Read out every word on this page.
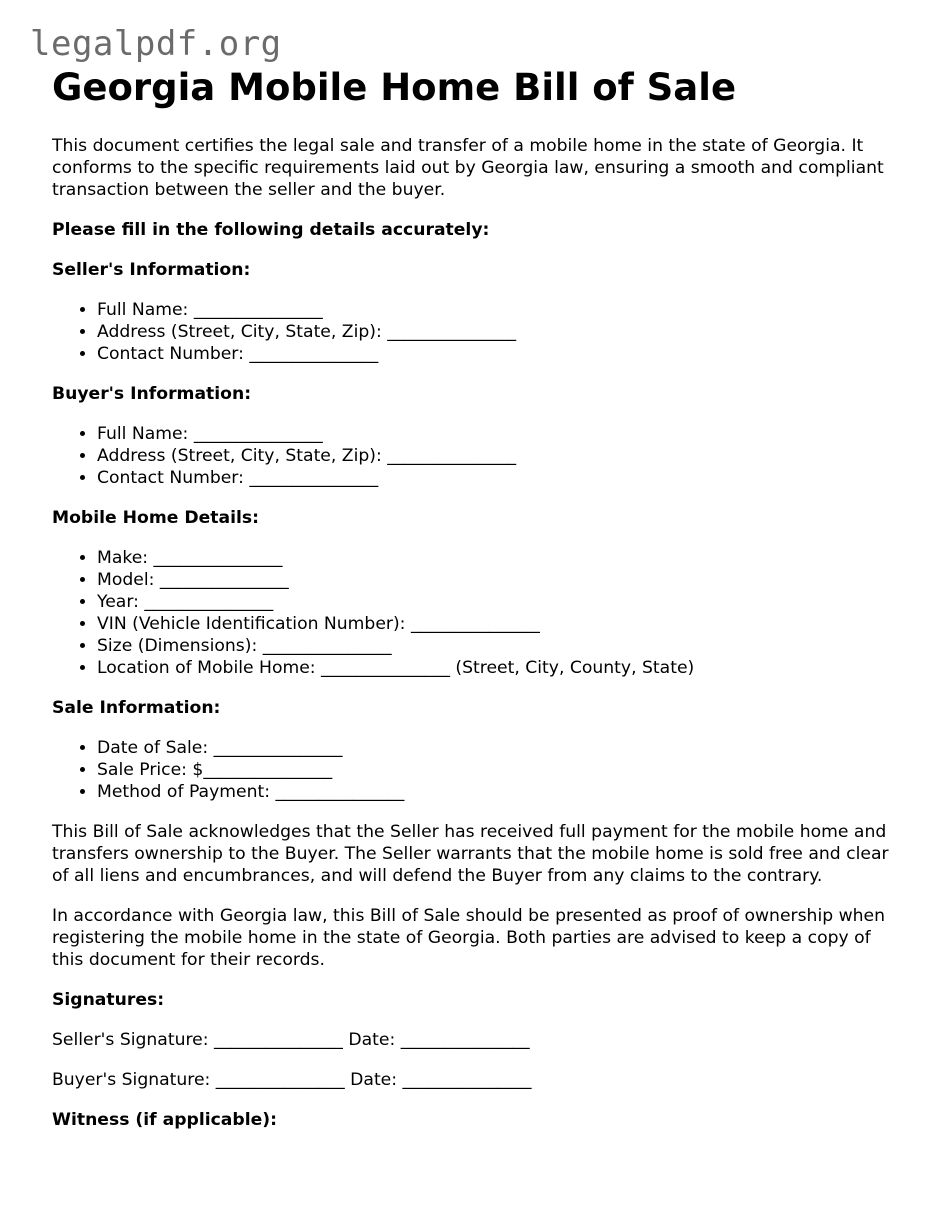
legalpdf.org
Georgia Mobile Home Bill of Sale

This document certifies the legal sale and transfer of a mobile home in the state of Georgia. It conforms to the specific requirements laid out by Georgia law, ensuring a smooth and compliant transaction between the seller and the buyer.

Please fill in the following details accurately:

Seller's Information:

• Full Name: _______________
• Address (Street, City, State, Zip): _______________
• Contact Number: _______________

Buyer's Information:

• Full Name: _______________
• Address (Street, City, State, Zip): _______________
• Contact Number: _______________

Mobile Home Details:

• Make: _______________
• Model: _______________
• Year: _______________
• VIN (Vehicle Identification Number): _______________
• Size (Dimensions): _______________
• Location of Mobile Home: _______________ (Street, City, County, State)

Sale Information:

• Date of Sale: _______________
• Sale Price: $_______________
• Method of Payment: _______________

This Bill of Sale acknowledges that the Seller has received full payment for the mobile home and transfers ownership to the Buyer. The Seller warrants that the mobile home is sold free and clear of all liens and encumbrances, and will defend the Buyer from any claims to the contrary.

In accordance with Georgia law, this Bill of Sale should be presented as proof of ownership when registering the mobile home in the state of Georgia. Both parties are advised to keep a copy of this document for their records.

Signatures:

Seller's Signature: _______________ Date: _______________

Buyer's Signature: _______________ Date: _______________

Witness (if applicable):
